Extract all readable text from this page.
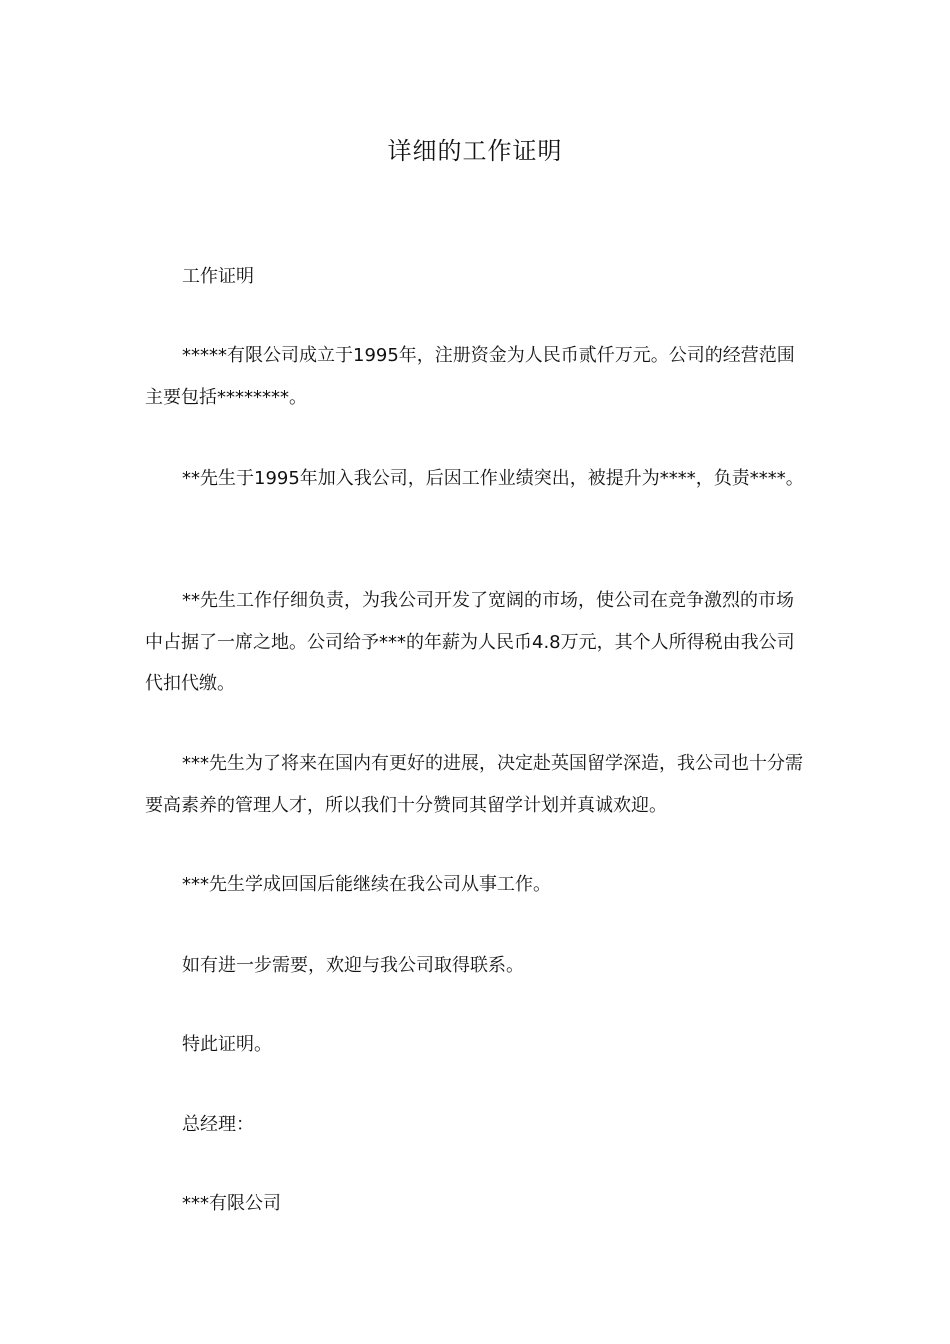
详细的工作证明

工作证明

*****有限公司成立于1995年，注册资金为人民币贰仟万元。公司的经营范围主要包括********。

**先生于1995年加入我公司，后因工作业绩突出，被提升为****，负责****。

**先生工作仔细负责，为我公司开发了宽阔的市场，使公司在竞争激烈的市场中占据了一席之地。公司给予***的年薪为人民币4.8万元，其个人所得税由我公司代扣代缴。

***先生为了将来在国内有更好的进展，决定赴英国留学深造，我公司也十分需要高素养的管理人才，所以我们十分赞同其留学计划并真诚欢迎。

***先生学成回国后能继续在我公司从事工作。

如有进一步需要，欢迎与我公司取得联系。

特此证明。

总经理：

***有限公司
